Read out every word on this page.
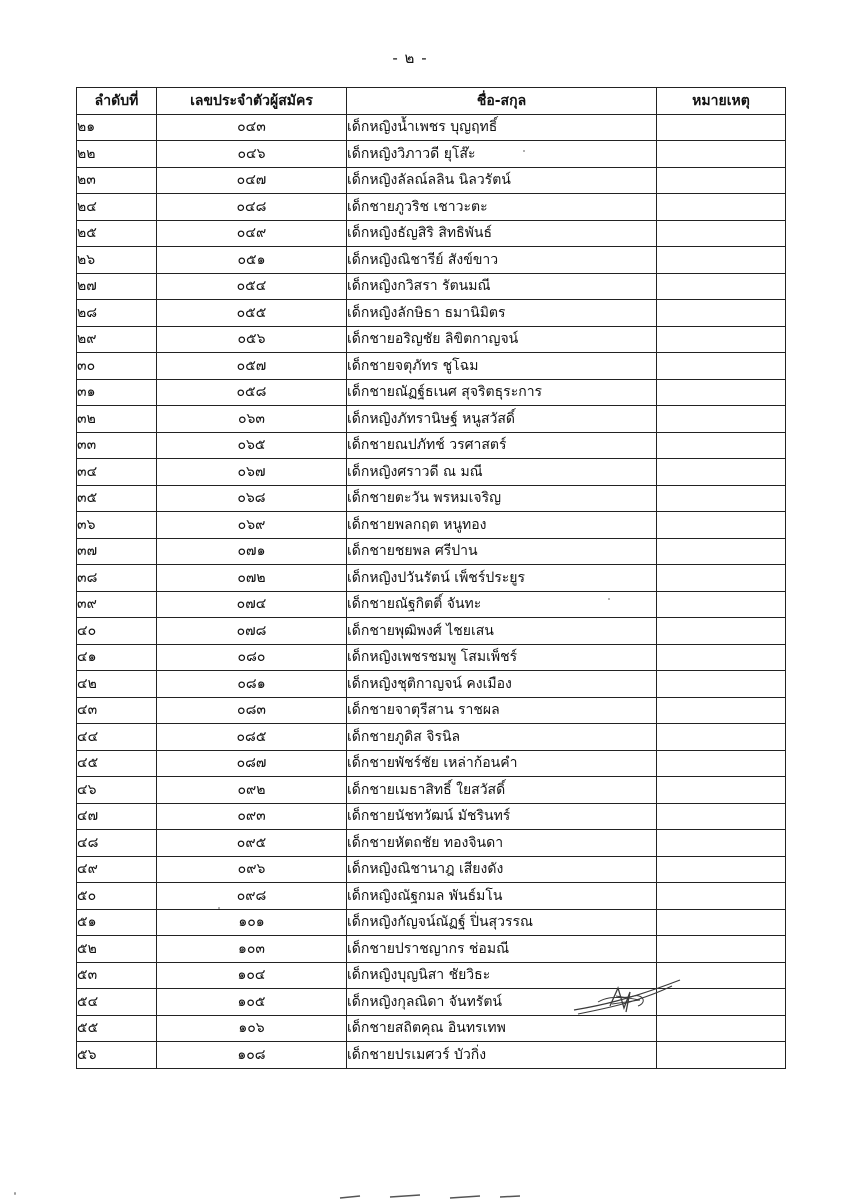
- ๒ -
ลำดับที่	เลขประจำตัวผู้สมัคร	ชื่อ-สกุล	หมายเหตุ
๒๑	๐๔๓	เด็กหญิงน้ำเพชร บุญฤทธิ์	
๒๒	๐๔๖	เด็กหญิงวิภาวดี ยุโส๊ะ	
๒๓	๐๔๗	เด็กหญิงลัลณ์ลลิน นิลวรัตน์	
๒๔	๐๔๘	เด็กชายภูวริช เชาวะตะ	
๒๕	๐๔๙	เด็กหญิงธัญสิริ สิทธิพันธ์	
๒๖	๐๕๑	เด็กหญิงณิชารีย์ สังข์ขาว	
๒๗	๐๕๔	เด็กหญิงกวิสรา รัตนมณี	
๒๘	๐๕๕	เด็กหญิงลักษิธา ธมานิมิตร	
๒๙	๐๕๖	เด็กชายอริญชัย ลิขิตกาญจน์	
๓๐	๐๕๗	เด็กชายจตุภัทร ชูโฉม	
๓๑	๐๕๘	เด็กชายณัฏฐ์ธเนศ สุจริตธุระการ	
๓๒	๐๖๓	เด็กหญิงภัทรานิษฐ์ หนูสวัสดิ์	
๓๓	๐๖๕	เด็กชายณปภัทช์ วรศาสตร์	
๓๔	๐๖๗	เด็กหญิงศราวดี ณ มณี	
๓๕	๐๖๘	เด็กชายตะวัน พรหมเจริญ	
๓๖	๐๖๙	เด็กชายพลกฤต หนูทอง	
๓๗	๐๗๑	เด็กชายชยพล ศรีปาน	
๓๘	๐๗๒	เด็กหญิงปวันรัตน์ เพ็ชร์ประยูร	
๓๙	๐๗๔	เด็กชายณัฐกิตติ์ จันทะ	
๔๐	๐๗๘	เด็กชายพุฒิพงศ์ ไชยเสน	
๔๑	๐๘๐	เด็กหญิงเพชรชมพู โสมเพ็ชร์	
๔๒	๐๘๑	เด็กหญิงชุติกาญจน์ คงเมือง	
๔๓	๐๘๓	เด็กชายจาตุรีสาน ราชผล	
๔๔	๐๘๕	เด็กชายภูดิส จิรนิล	
๔๕	๐๘๗	เด็กชายพัชร์ชัย เหล่าก้อนคำ	
๔๖	๐๙๒	เด็กชายเมธาสิทธิ์ ใยสวัสดิ์	
๔๗	๐๙๓	เด็กชายนัชทวัฒน์ มัชรินทร์	
๔๘	๐๙๕	เด็กชายหัตถชัย ทองจินดา	
๔๙	๐๙๖	เด็กหญิงณิชานาฎ เสียงดัง	
๕๐	๐๙๘	เด็กหญิงณัฐกมล พันธ์มโน	
๕๑	๑๐๑	เด็กหญิงกัญจน์ณัฏฐ์ ปิ่นสุวรรณ	
๕๒	๑๐๓	เด็กชายปราชญากร ช่อมณี	
๕๓	๑๐๔	เด็กหญิงบุญนิสา ชัยวิธะ	
๕๔	๑๐๕	เด็กหญิงกุลณิดา จันทรัตน์	
๕๕	๑๐๖	เด็กชายสถิตคุณ อินทรเทพ	
๕๖	๑๐๘	เด็กชายปรเมศวร์ บัวกิ่ง	
